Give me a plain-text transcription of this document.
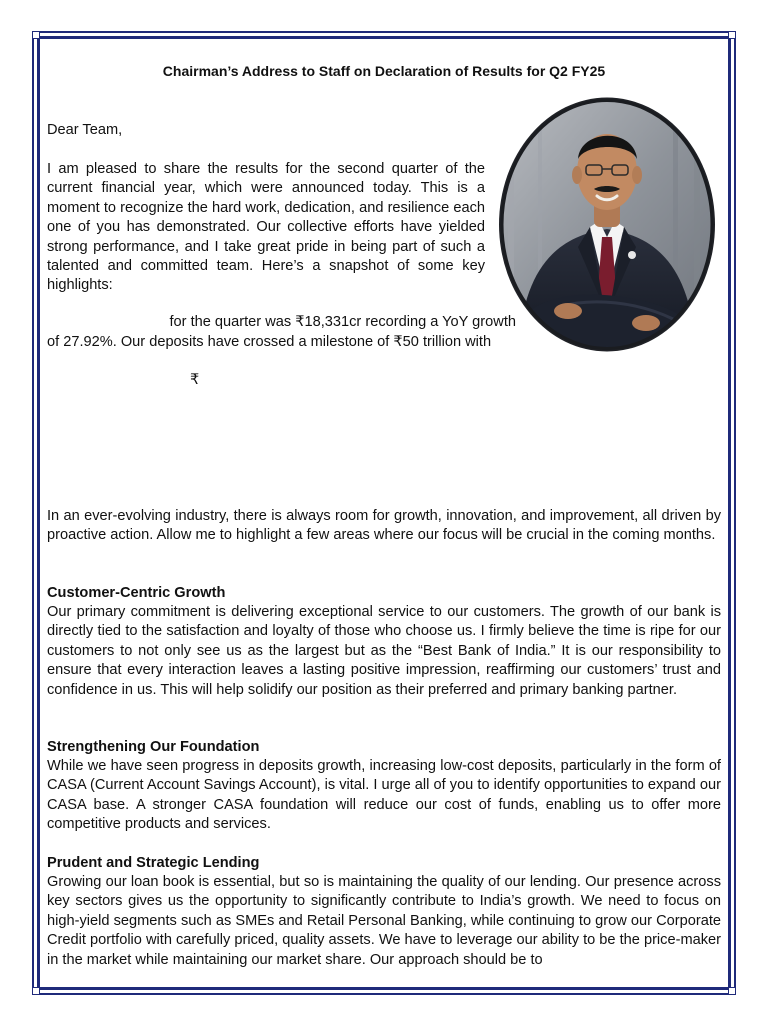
Chairman’s Address to Staff on Declaration of Results for Q2 FY25

Dear Team,

I am pleased to share the results for the second quarter of the current financial year, which were announced today. This is a moment to recognize the hard work, dedication, and resilience each one of you has demonstrated. Our collective efforts have yielded strong performance, and I take great pride in being part of such a talented and committed team. Here’s a snapshot of some key highlights:

for the quarter was ₹18,331cr recording a YoY growth

of 27.92%. Our deposits have crossed a milestone of ₹50 trillion with

₹

In an ever-evolving industry, there is always room for growth, innovation, and improvement, all driven by proactive action. Allow me to highlight a few areas where our focus will be crucial in the coming months.

Customer-Centric Growth

Our primary commitment is delivering exceptional service to our customers. The growth of our bank is directly tied to the satisfaction and loyalty of those who choose us. I firmly believe the time is ripe for our customers to not only see us as the largest but as the “Best Bank of India.” It is our responsibility to ensure that every interaction leaves a lasting positive impression, reaffirming our customers’ trust and confidence in us. This will help solidify our position as their preferred and primary banking partner.

Strengthening Our Foundation

While we have seen progress in deposits growth, increasing low-cost deposits, particularly in the form of CASA (Current Account Savings Account), is vital. I urge all of you to identify opportunities to expand our CASA base. A stronger CASA foundation will reduce our cost of funds, enabling us to offer more competitive products and services.

Prudent and Strategic Lending

Growing our loan book is essential, but so is maintaining the quality of our lending. Our presence across key sectors gives us the opportunity to significantly contribute to India’s growth. We need to focus on high-yield segments such as SMEs and Retail Personal Banking, while continuing to grow our Corporate Credit portfolio with carefully priced, quality assets. We have to leverage our ability to be the price-maker in the market while maintaining our market share. Our approach should be to
